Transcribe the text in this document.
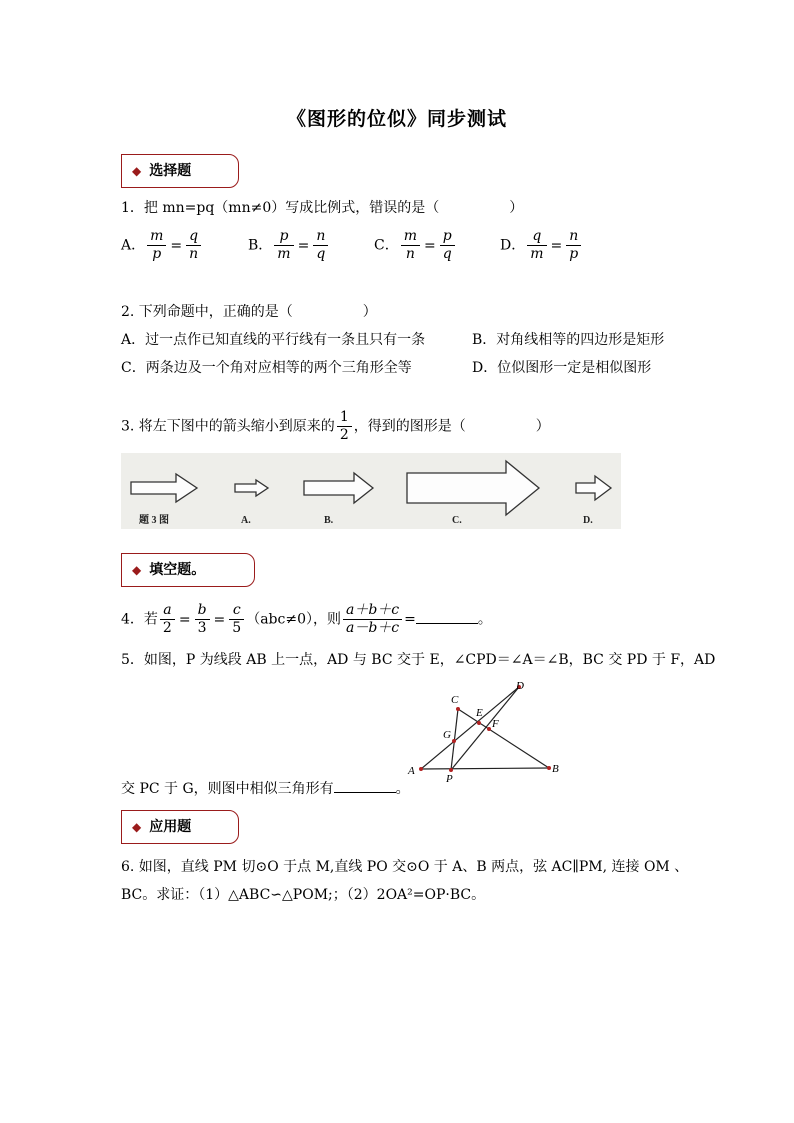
《图形的位似》同步测试
◆ 选择题
1．把 mn=pq（mn≠0）写成比例式，错误的是（　　　　　）
A． $\frac{m}{p} = \frac{q}{n}$	B． $\frac{p}{m} = \frac{n}{q}$	C． $\frac{m}{n} = \frac{p}{q}$	D． $\frac{q}{m} = \frac{n}{p}$
2. 下列命题中，正确的是（　　　　　）
A．过一点作已知直线的平行线有一条且只有一条	B．对角线相等的四边形是矩形
C．两条边及一个角对应相等的两个三角形全等	D．位似图形一定是相似图形
3. 将左下图中的箭头缩小到原来的 $\frac{1}{2}$ ，得到的图形是（　　　　　）
题 3 图	A.	B.	C.	D.
◆ 填空题。
4．若 $\frac{a}{2} = \frac{b}{3} = \frac{c}{5} (abc\ne 0)$，则 $\frac{a+b+c}{a-b+c}$ =	。
5．如图，P 为线段 AB 上一点，AD 与 BC 交于 E，∠CPD＝∠A＝∠B，BC 交 PD 于 F，AD
A	B
C
D
E
F
G
P
交 PC 于 G，则图中相似三角形有	。
◆ 应用题
6. 如图，直线 PM 切⊙O 于点 M,直线 PO 交⊙O 于 A、B 两点，弦 AC∥PM, 连接 OM 、
BC。求证：（1）△ABC∽△POM;；（2）2OA²=OP·BC。
